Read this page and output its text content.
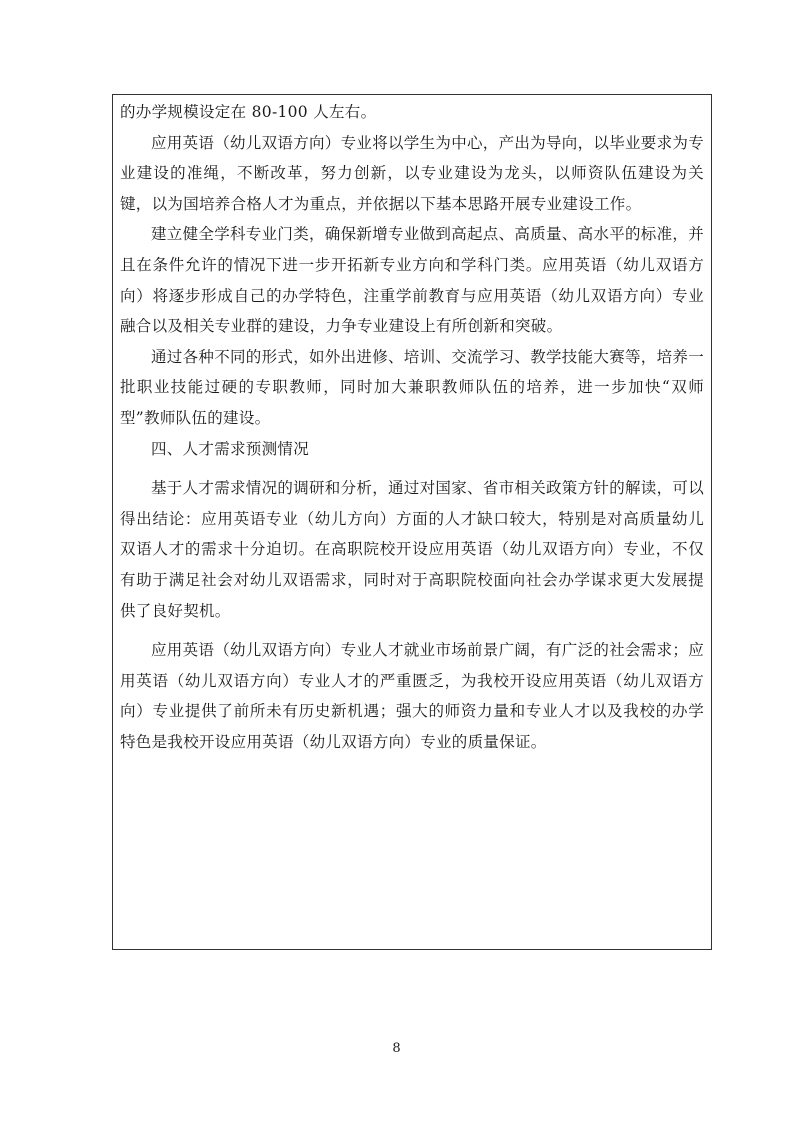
的办学规模设定在 80-100 人左右。

应用英语（幼儿双语方向）专业将以学生为中心，产出为导向，以毕业要求为专业建设的准绳，不断改革，努力创新，以专业建设为龙头，以师资队伍建设为关键，以为国培养合格人才为重点，并依据以下基本思路开展专业建设工作。

建立健全学科专业门类，确保新增专业做到高起点、高质量、高水平的标准，并且在条件允许的情况下进一步开拓新专业方向和学科门类。应用英语（幼儿双语方向）将逐步形成自己的办学特色，注重学前教育与应用英语（幼儿双语方向）专业融合以及相关专业群的建设，力争专业建设上有所创新和突破。

通过各种不同的形式，如外出进修、培训、交流学习、教学技能大赛等，培养一批职业技能过硬的专职教师，同时加大兼职教师队伍的培养，进一步加快“双师型”教师队伍的建设。

四、人才需求预测情况

基于人才需求情况的调研和分析，通过对国家、省市相关政策方针的解读，可以得出结论：应用英语专业（幼儿方向）方面的人才缺口较大，特别是对高质量幼儿双语人才的需求十分迫切。在高职院校开设应用英语（幼儿双语方向）专业，不仅有助于满足社会对幼儿双语需求，同时对于高职院校面向社会办学谋求更大发展提供了良好契机。

应用英语（幼儿双语方向）专业人才就业市场前景广阔，有广泛的社会需求；应用英语（幼儿双语方向）专业人才的严重匮乏，为我校开设应用英语（幼儿双语方向）专业提供了前所未有历史新机遇；强大的师资力量和专业人才以及我校的办学特色是我校开设应用英语（幼儿双语方向）专业的质量保证。

8
